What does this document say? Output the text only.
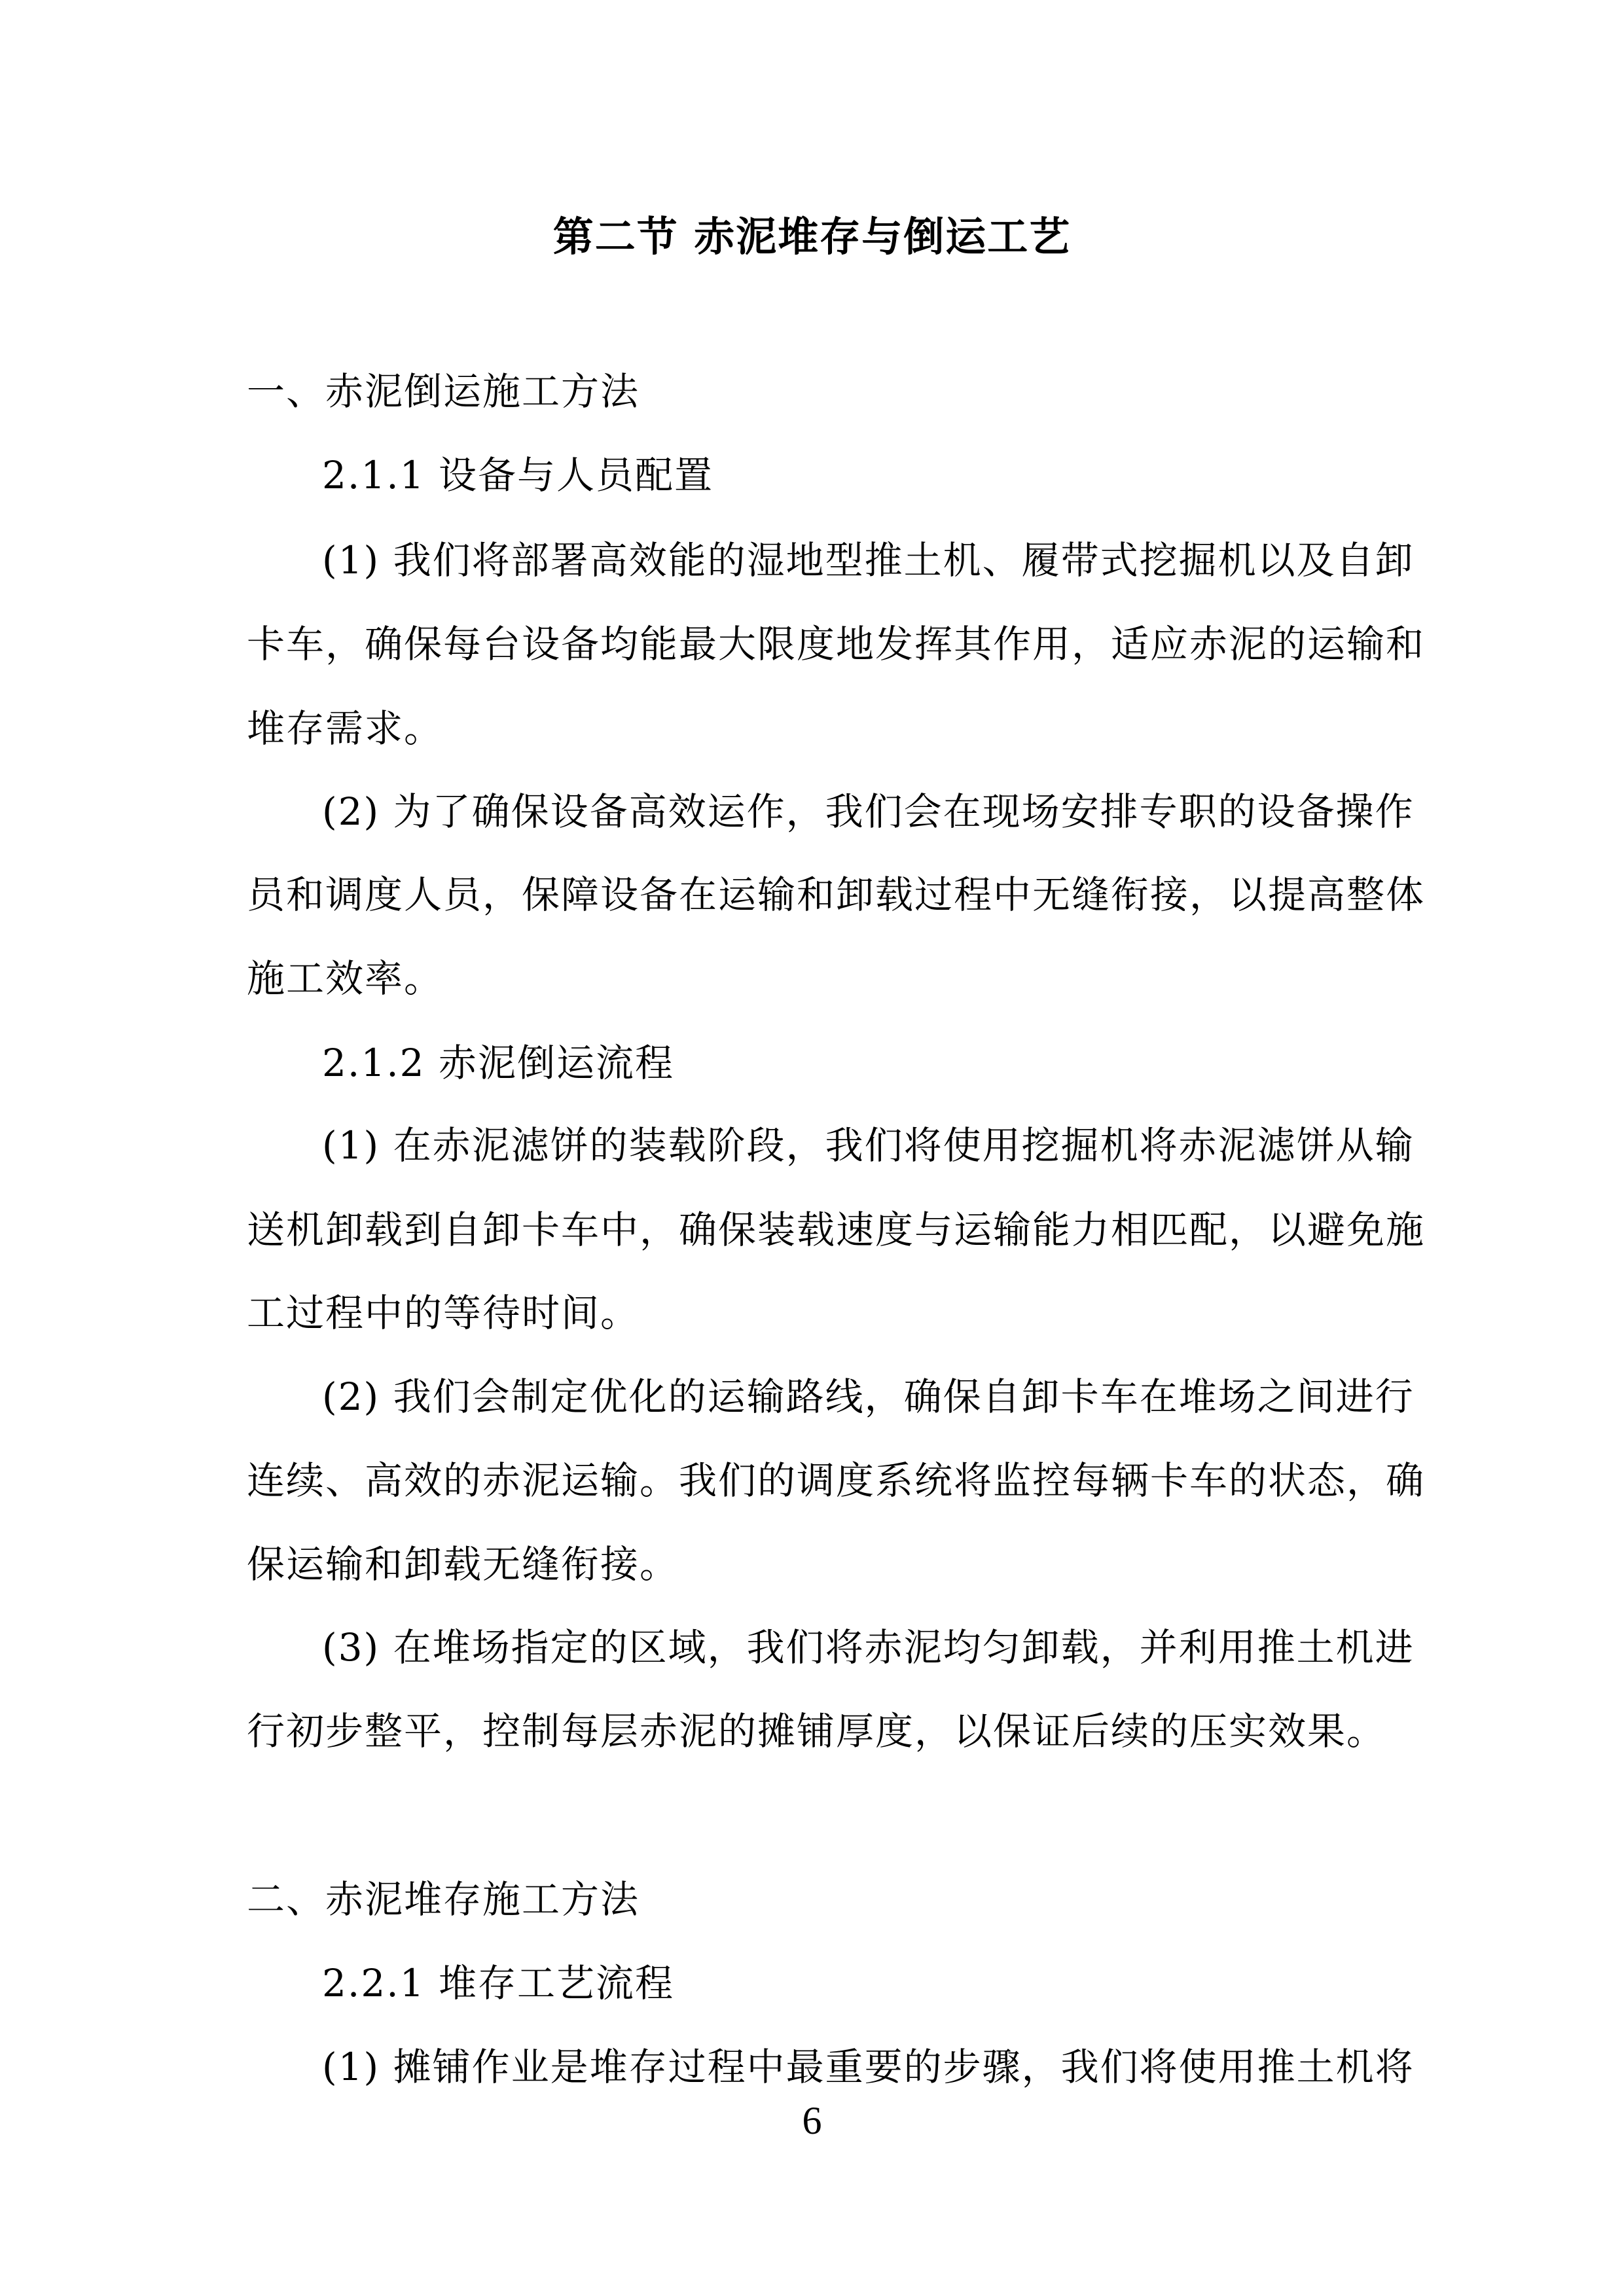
第二节 赤泥堆存与倒运工艺
一、赤泥倒运施工方法
2.1.1 设备与人员配置
(1) 我们将部署高效能的湿地型推土机、履带式挖掘机以及自卸
卡车，确保每台设备均能最大限度地发挥其作用，适应赤泥的运输和
堆存需求。
(2) 为了确保设备高效运作，我们会在现场安排专职的设备操作
员和调度人员，保障设备在运输和卸载过程中无缝衔接，以提高整体
施工效率。
2.1.2 赤泥倒运流程
(1) 在赤泥滤饼的装载阶段，我们将使用挖掘机将赤泥滤饼从输
送机卸载到自卸卡车中，确保装载速度与运输能力相匹配，以避免施
工过程中的等待时间。
(2) 我们会制定优化的运输路线，确保自卸卡车在堆场之间进行
连续、高效的赤泥运输。我们的调度系统将监控每辆卡车的状态，确
保运输和卸载无缝衔接。
(3) 在堆场指定的区域，我们将赤泥均匀卸载，并利用推土机进
行初步整平，控制每层赤泥的摊铺厚度，以保证后续的压实效果。
二、赤泥堆存施工方法
2.2.1 堆存工艺流程
(1) 摊铺作业是堆存过程中最重要的步骤，我们将使用推土机将
6
